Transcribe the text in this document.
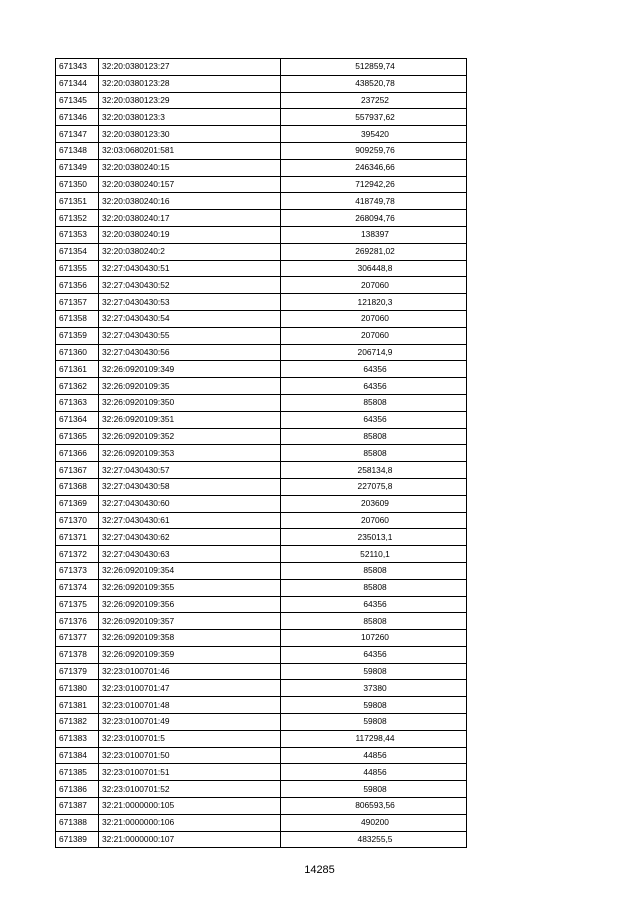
671343	32:20:0380123:27	512859,74
671344	32:20:0380123:28	438520,78
671345	32:20:0380123:29	237252
671346	32:20:0380123:3	557937,62
671347	32:20:0380123:30	395420
671348	32:03:0680201:581	909259,76
671349	32:20:0380240:15	246346,66
671350	32:20:0380240:157	712942,26
671351	32:20:0380240:16	418749,78
671352	32:20:0380240:17	268094,76
671353	32:20:0380240:19	138397
671354	32:20:0380240:2	269281,02
671355	32:27:0430430:51	306448,8
671356	32:27:0430430:52	207060
671357	32:27:0430430:53	121820,3
671358	32:27:0430430:54	207060
671359	32:27:0430430:55	207060
671360	32:27:0430430:56	206714,9
671361	32:26:0920109:349	64356
671362	32:26:0920109:35	64356
671363	32:26:0920109:350	85808
671364	32:26:0920109:351	64356
671365	32:26:0920109:352	85808
671366	32:26:0920109:353	85808
671367	32:27:0430430:57	258134,8
671368	32:27:0430430:58	227075,8
671369	32:27:0430430:60	203609
671370	32:27:0430430:61	207060
671371	32:27:0430430:62	235013,1
671372	32:27:0430430:63	52110,1
671373	32:26:0920109:354	85808
671374	32:26:0920109:355	85808
671375	32:26:0920109:356	64356
671376	32:26:0920109:357	85808
671377	32:26:0920109:358	107260
671378	32:26:0920109:359	64356
671379	32:23:0100701:46	59808
671380	32:23:0100701:47	37380
671381	32:23:0100701:48	59808
671382	32:23:0100701:49	59808
671383	32:23:0100701:5	117298,44
671384	32:23:0100701:50	44856
671385	32:23:0100701:51	44856
671386	32:23:0100701:52	59808
671387	32:21:0000000:105	806593,56
671388	32:21:0000000:106	490200
671389	32:21:0000000:107	483255,5
14285
